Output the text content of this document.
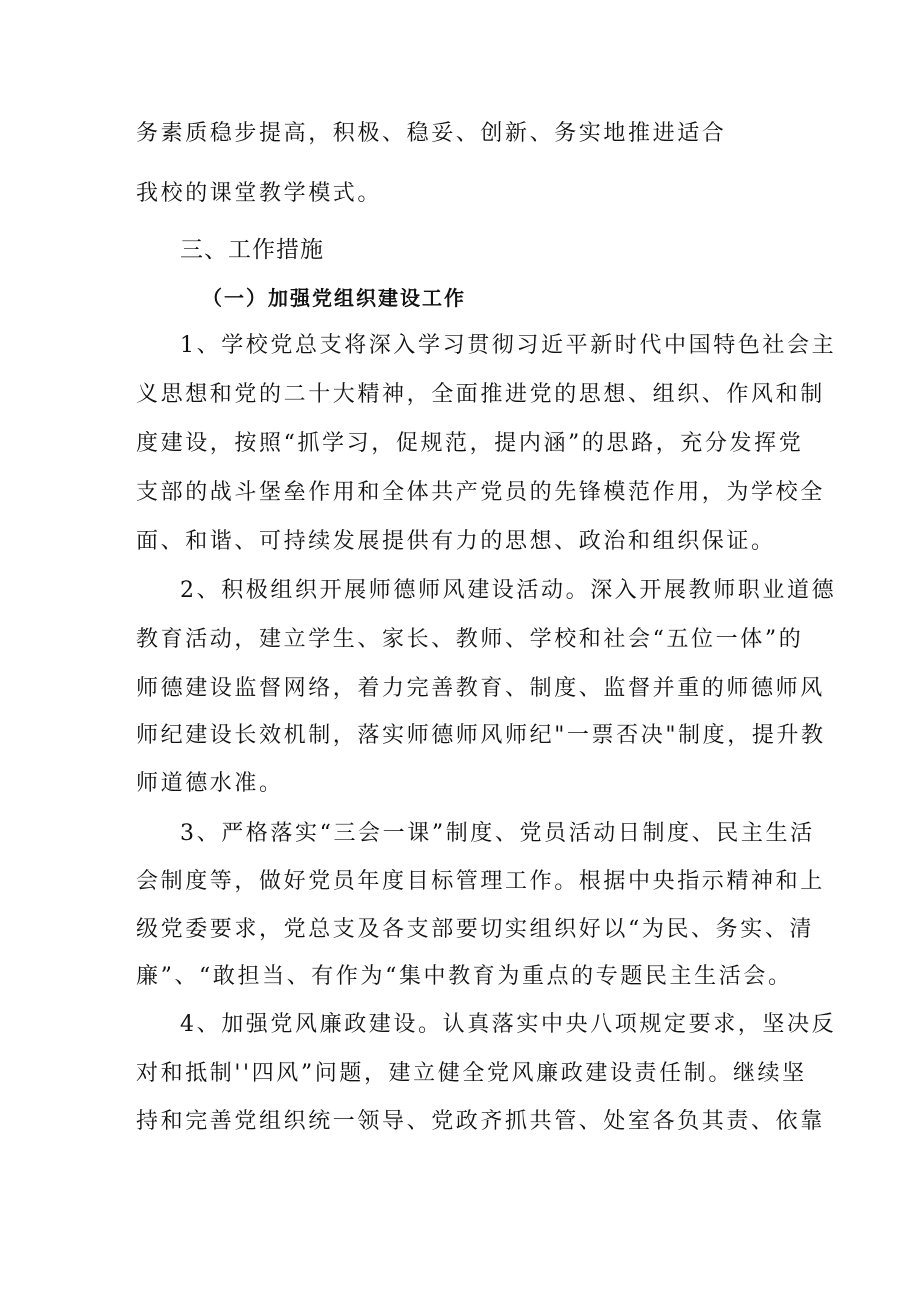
务素质稳步提高，积极、稳妥、创新、务实地推进适合
我校的课堂教学模式。
三、工作措施
（一）加强党组织建设工作
1、学校党总支将深入学习贯彻习近平新时代中国特色社会主
义思想和党的二十大精神，全面推进党的思想、组织、作风和制
度建设，按照“抓学习，促规范，提内涵”的思路，充分发挥党
支部的战斗堡垒作用和全体共产党员的先锋模范作用，为学校全
面、和谐、可持续发展提供有力的思想、政治和组织保证。
2、积极组织开展师德师风建设活动。深入开展教师职业道德
教育活动，建立学生、家长、教师、学校和社会“五位一体”的
师德建设监督网络，着力完善教育、制度、监督并重的师德师风
师纪建设长效机制，落实师德师风师纪"一票否决"制度，提升教
师道德水准。
3、严格落实“三会一课”制度、党员活动日制度、民主生活
会制度等，做好党员年度目标管理工作。根据中央指示精神和上
级党委要求，党总支及各支部要切实组织好以“为民、务实、清
廉”、“敢担当、有作为“集中教育为重点的专题民主生活会。
4、加强党风廉政建设。认真落实中央八项规定要求，坚决反
对和抵制''四风”问题，建立健全党风廉政建设责任制。继续坚
持和完善党组织统一领导、党政齐抓共管、处室各负其责、依靠
